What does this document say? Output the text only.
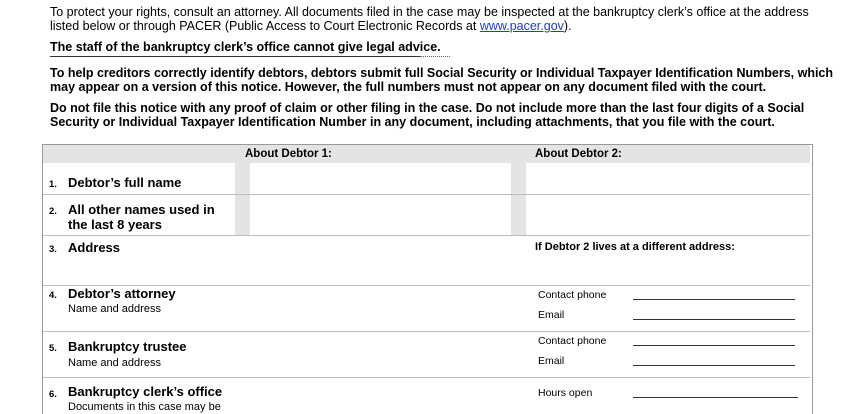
To protect your rights, consult an attorney. All documents filed in the case may be inspected at the bankruptcy clerk’s office at the address
listed below or through PACER (Public Access to Court Electronic Records at www.pacer.gov).
The staff of the bankruptcy clerk’s office cannot give legal advice.
To help creditors correctly identify debtors, debtors submit full Social Security or Individual Taxpayer Identification Numbers, which
may appear on a version of this notice. However, the full numbers must not appear on any document filed with the court.
Do not file this notice with any proof of claim or other filing in the case. Do not include more than the last four digits of a Social
Security or Individual Taxpayer Identification Number in any document, including attachments, that you file with the court.
About Debtor 1:	About Debtor 2:
1. Debtor’s full name
2. All other names used in
the last 8 years
3. Address	If Debtor 2 lives at a different address:
4. Debtor’s attorney
Name and address
Contact phone
Email
5. Bankruptcy trustee
Name and address
Contact phone
Email
6. Bankruptcy clerk’s office
Documents in this case may be
Hours open
